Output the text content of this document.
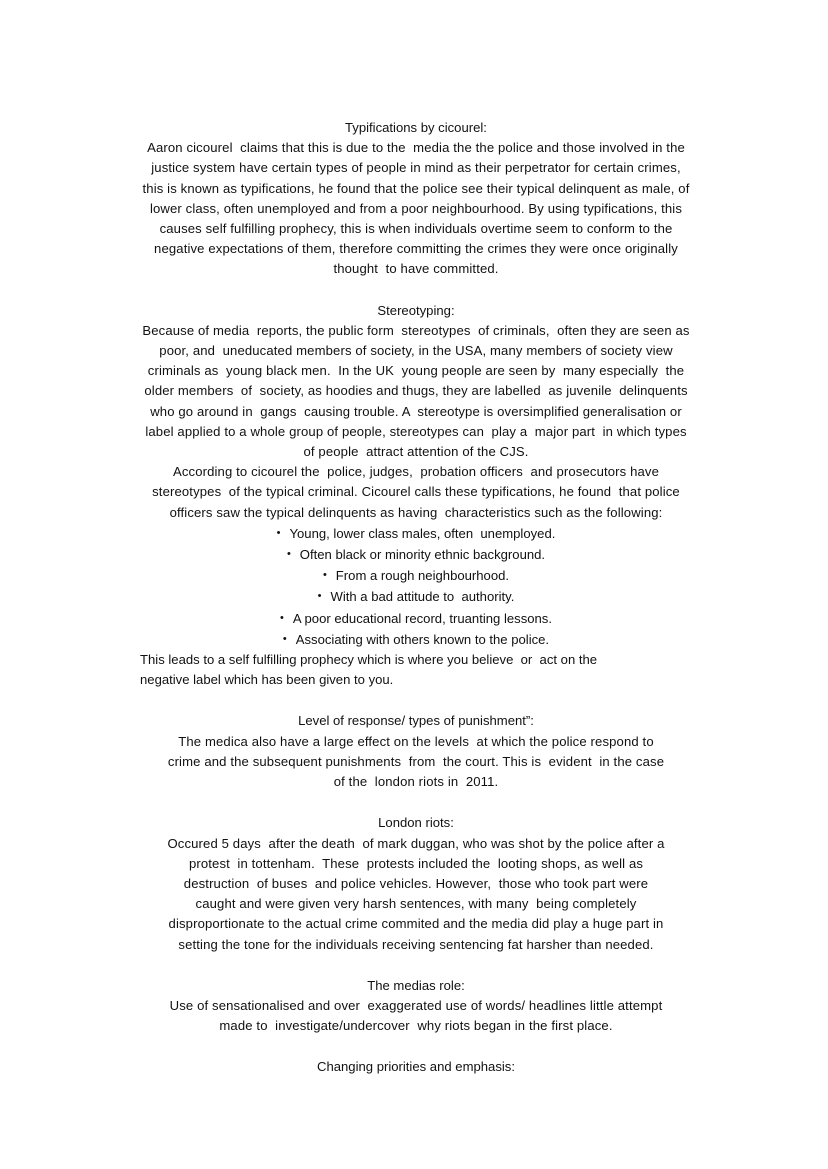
Typifications by cicourel:
Aaron cicourel  claims that this is due to the  media the the police and those involved in the
justice system have certain types of people in mind as their perpetrator for certain crimes,
this is known as typifications, he found that the police see their typical delinquent as male, of
lower class, often unemployed and from a poor neighbourhood. By using typifications, this
causes self fulfilling prophecy, this is when individuals overtime seem to conform to the
negative expectations of them, therefore committing the crimes they were once originally
thought  to have committed.
Stereotyping:
Because of media  reports, the public form  stereotypes  of criminals,  often they are seen as
poor, and  uneducated members of society, in the USA, many members of society view
criminals as  young black men.  In the UK  young people are seen by  many especially  the
older members  of  society, as hoodies and thugs, they are labelled  as juvenile  delinquents
who go around in  gangs  causing trouble. A  stereotype is oversimplified generalisation or
label applied to a whole group of people, stereotypes can  play a  major part  in which types
of people  attract attention of the CJS.
According to cicourel the  police, judges,  probation officers  and prosecutors have
stereotypes  of the typical criminal. Cicourel calls these typifications, he found  that police
officers saw the typical delinquents as having  characteristics such as the following:
• Young, lower class males, often  unemployed.
• Often black or minority ethnic background.
• From a rough neighbourhood.
• With a bad attitude to  authority.
• A poor educational record, truanting lessons.
• Associating with others known to the police.
This leads to a self fulfilling prophecy which is where you believe  or  act on the
negative label which has been given to you.
Level of response/ types of punishment”:
The medica also have a large effect on the levels  at which the police respond to
crime and the subsequent punishments  from  the court. This is  evident  in the case
of the  london riots in  2011.
London riots:
Occured 5 days  after the death  of mark duggan, who was shot by the police after a
protest  in tottenham.  These  protests included the  looting shops, as well as
destruction  of buses  and police vehicles. However,  those who took part were
caught and were given very harsh sentences, with many  being completely
disproportionate to the actual crime commited and the media did play a huge part in
setting the tone for the individuals receiving sentencing fat harsher than needed.
The medias role:
Use of sensationalised and over  exaggerated use of words/ headlines little attempt
made to  investigate/undercover  why riots began in the first place.
Changing priorities and emphasis:
